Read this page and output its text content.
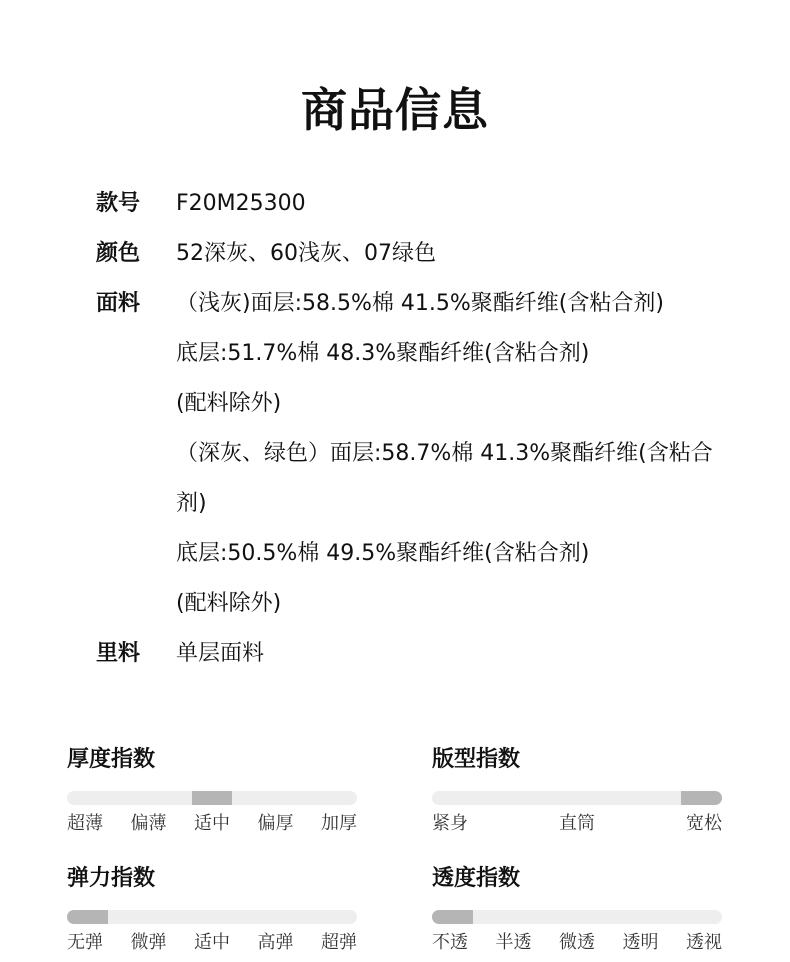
商品信息
款号	F20M25300
颜色	52深灰、60浅灰、07绿色
面料	（浅灰)面层:58.5%棉 41.5%聚酯纤维(含粘合剂)
底层:51.7%棉 48.3%聚酯纤维(含粘合剂)
(配料除外)
（深灰、绿色）面层:58.7%棉 41.3%聚酯纤维(含粘合
剂)
底层:50.5%棉 49.5%聚酯纤维(含粘合剂)
(配料除外)
里料	单层面料
厚度指数
超薄 偏薄 适中 偏厚 加厚
版型指数
紧身	直筒	宽松
弹力指数
无弹 微弹 适中 高弹 超弹
透度指数
不透 半透 微透 透明 透视
